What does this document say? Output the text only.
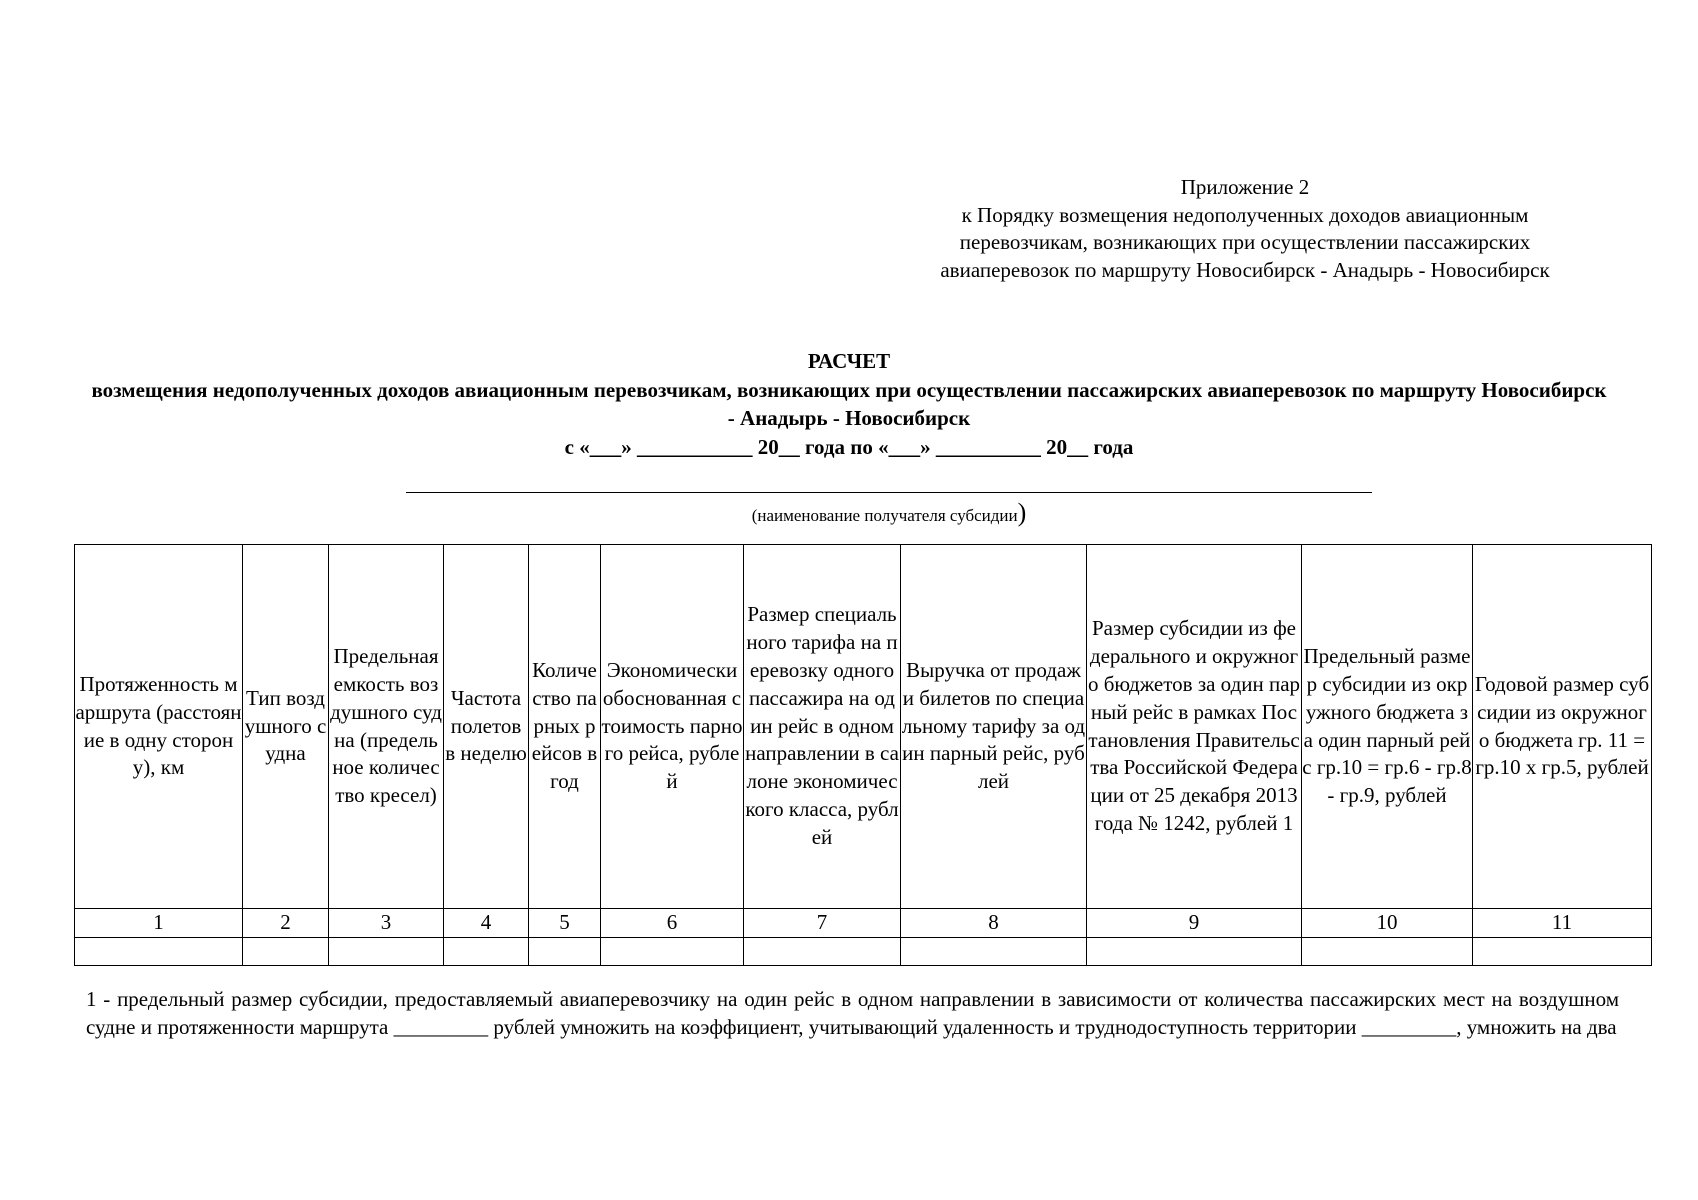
Приложение 2
к Порядку возмещения недополученных доходов авиационным
перевозчикам, возникающих при осуществлении пассажирских
авиаперевозок по маршруту Новосибирск - Анадырь - Новосибирск
РАСЧЕТ
возмещения недополученных доходов авиационным перевозчикам, возникающих при осуществлении пассажирских авиаперевозок по маршруту Новосибирск - Анадырь - Новосибирск
с «___» ___________ 20__ года по «___» __________ 20__ года
(наименование получателя субсидии)
Протяженность маршрута (расстояние в одну сторону), км	Тип воздушного судна	Предельная емкость воздушного судна (предельное количество кресел)	Частота полетов в неделю	Количество парных рейсов в год	Экономически обоснованная стоимость парного рейса, рублей	Размер специального тарифа на перевозку одного пассажира на один рейс в одном направлении в салоне экономического класса, рублей	Выручка от продажи билетов по специальному тарифу за один парный рейс, рублей	Размер субсидии из федерального и окружного бюджетов за один парный рейс в рамках Постановления Правительства Российской Федерации от 25 декабря 2013 года № 1242, рублей 1	Предельный размер субсидии из окружного бюджета за один парный рейс гр.10 = гр.6 - гр.8 - гр.9, рублей	Годовой размер субсидии из окружного бюджета гр. 11 = гр.10 х гр.5, рублей
1	2	3	4	5	6	7	8	9	10	11

1 - предельный размер субсидии, предоставляемый авиаперевозчику на один рейс в одном направлении в зависимости от количества пассажирских мест на воздушном судне и протяженности маршрута _________ рублей умножить на коэффициент, учитывающий удаленность и труднодоступность территории _________, умножить на два
